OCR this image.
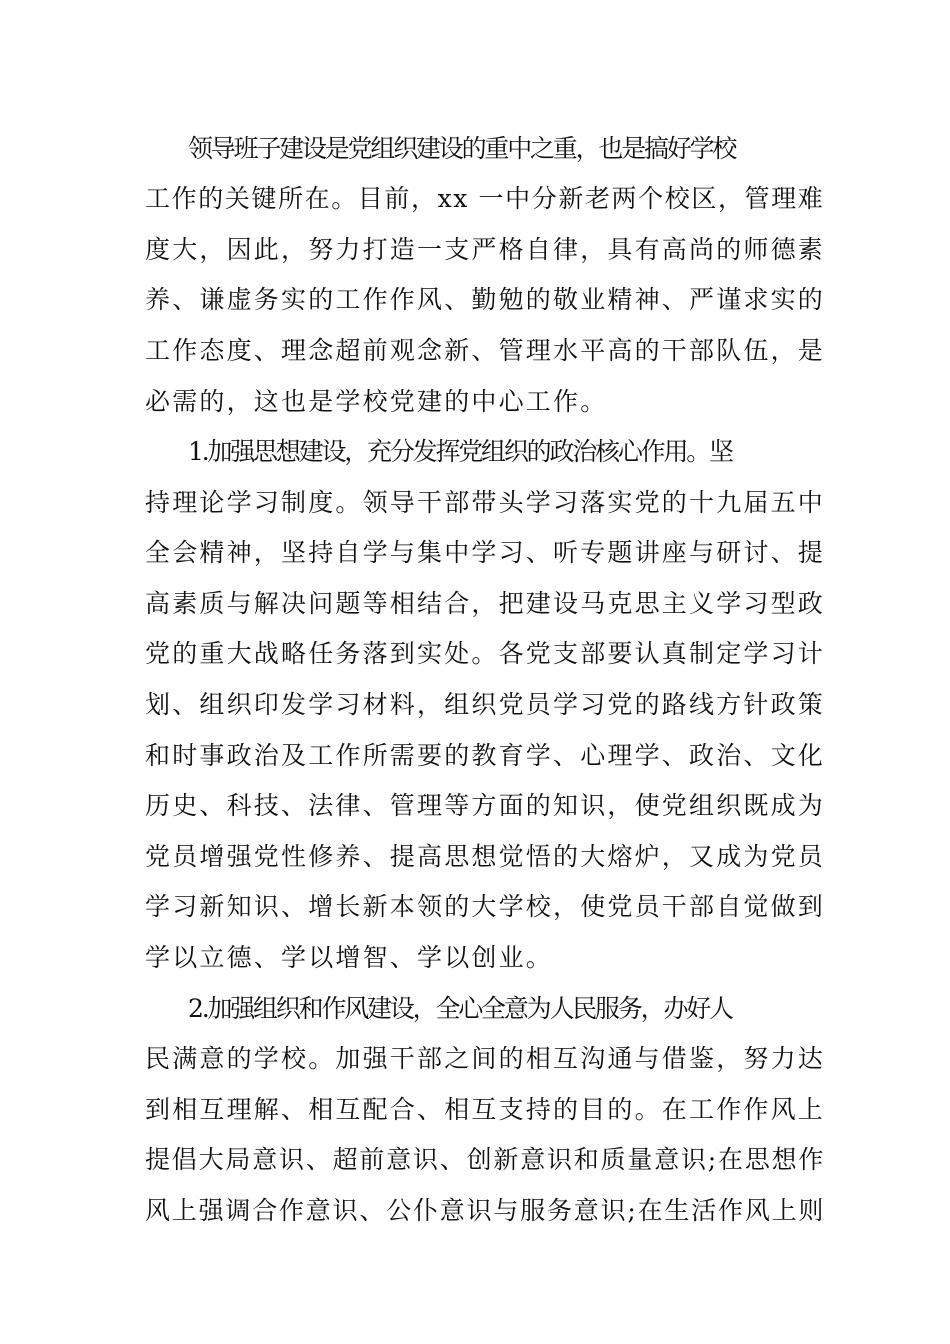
领导班子建设是党组织建设的重中之重，也是搞好学校
工作的关键所在。目前，xx 一中分新老两个校区，管理难
度大，因此，努力打造一支严格自律，具有高尚的师德素
养、谦虚务实的工作作风、勤勉的敬业精神、严谨求实的
工作态度、理念超前观念新、管理水平高的干部队伍，是
必需的，这也是学校党建的中心工作。
1.加强思想建设，充分发挥党组织的政治核心作用。坚
持理论学习制度。领导干部带头学习落实党的十九届五中
全会精神，坚持自学与集中学习、听专题讲座与研讨、提
高素质与解决问题等相结合，把建设马克思主义学习型政
党的重大战略任务落到实处。各党支部要认真制定学习计
划、组织印发学习材料，组织党员学习党的路线方针政策
和时事政治及工作所需要的教育学、心理学、政治、文化
历史、科技、法律、管理等方面的知识，使党组织既成为
党员增强党性修养、提高思想觉悟的大熔炉，又成为党员
学习新知识、增长新本领的大学校，使党员干部自觉做到
学以立德、学以增智、学以创业。
2.加强组织和作风建设，全心全意为人民服务，办好人
民满意的学校。加强干部之间的相互沟通与借鉴，努力达
到相互理解、相互配合、相互支持的目的。在工作作风上
提倡大局意识、超前意识、创新意识和质量意识;在思想作
风上强调合作意识、公仆意识与服务意识;在生活作风上则
